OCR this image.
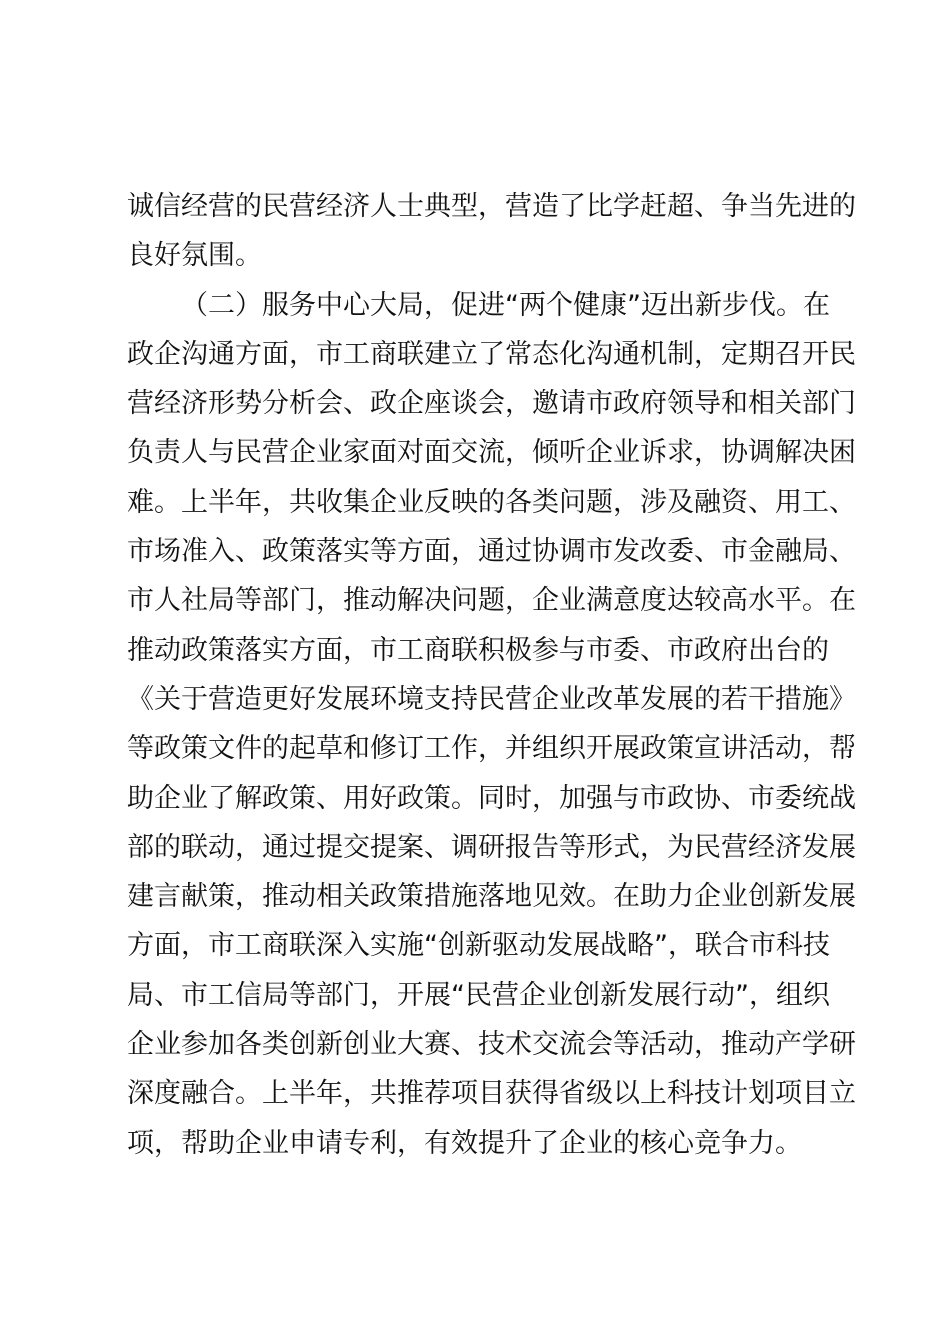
诚信经营的民营经济人士典型，营造了比学赶超、争当先进的
良好氛围。
（二）服务中心大局，促进“两个健康”迈出新步伐。在
政企沟通方面，市工商联建立了常态化沟通机制，定期召开民
营经济形势分析会、政企座谈会，邀请市政府领导和相关部门
负责人与民营企业家面对面交流，倾听企业诉求，协调解决困
难。上半年，共收集企业反映的各类问题，涉及融资、用工、
市场准入、政策落实等方面，通过协调市发改委、市金融局、
市人社局等部门，推动解决问题，企业满意度达较高水平。在
推动政策落实方面，市工商联积极参与市委、市政府出台的
《关于营造更好发展环境支持民营企业改革发展的若干措施》
等政策文件的起草和修订工作，并组织开展政策宣讲活动，帮
助企业了解政策、用好政策。同时，加强与市政协、市委统战
部的联动，通过提交提案、调研报告等形式，为民营经济发展
建言献策，推动相关政策措施落地见效。在助力企业创新发展
方面，市工商联深入实施“创新驱动发展战略”，联合市科技
局、市工信局等部门，开展“民营企业创新发展行动”，组织
企业参加各类创新创业大赛、技术交流会等活动，推动产学研
深度融合。上半年，共推荐项目获得省级以上科技计划项目立
项，帮助企业申请专利，有效提升了企业的核心竞争力。
